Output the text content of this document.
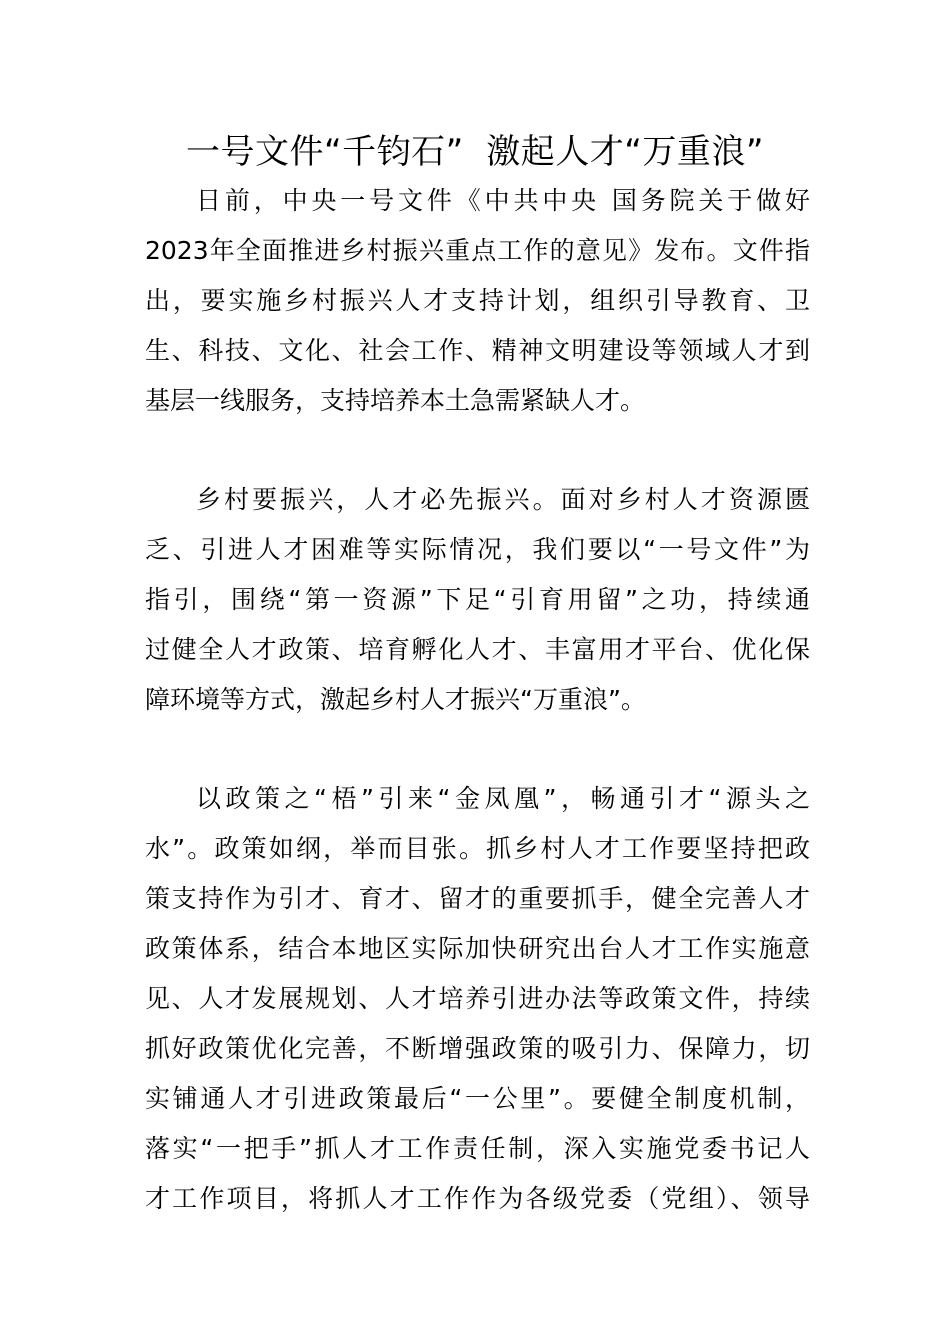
一号文件“千钧石”  激起人才“万重浪”
日前，中央一号文件《中共中央 国务院关于做好
2023年全面推进乡村振兴重点工作的意见》发布。文件指
出，要实施乡村振兴人才支持计划，组织引导教育、卫
生、科技、文化、社会工作、精神文明建设等领域人才到
基层一线服务，支持培养本土急需紧缺人才。
乡村要振兴，人才必先振兴。面对乡村人才资源匮
乏、引进人才困难等实际情况，我们要以“一号文件”为
指引，围绕“第一资源”下足“引育用留”之功，持续通
过健全人才政策、培育孵化人才、丰富用才平台、优化保
障环境等方式，激起乡村人才振兴“万重浪”。
以政策之“梧”引来“金凤凰”，畅通引才“源头之
水”。政策如纲，举而目张。抓乡村人才工作要坚持把政
策支持作为引才、育才、留才的重要抓手，健全完善人才
政策体系，结合本地区实际加快研究出台人才工作实施意
见、人才发展规划、人才培养引进办法等政策文件，持续
抓好政策优化完善，不断增强政策的吸引力、保障力，切
实铺通人才引进政策最后“一公里”。要健全制度机制，
落实“一把手”抓人才工作责任制，深入实施党委书记人
才工作项目，将抓人才工作作为各级党委（党组）、领导
